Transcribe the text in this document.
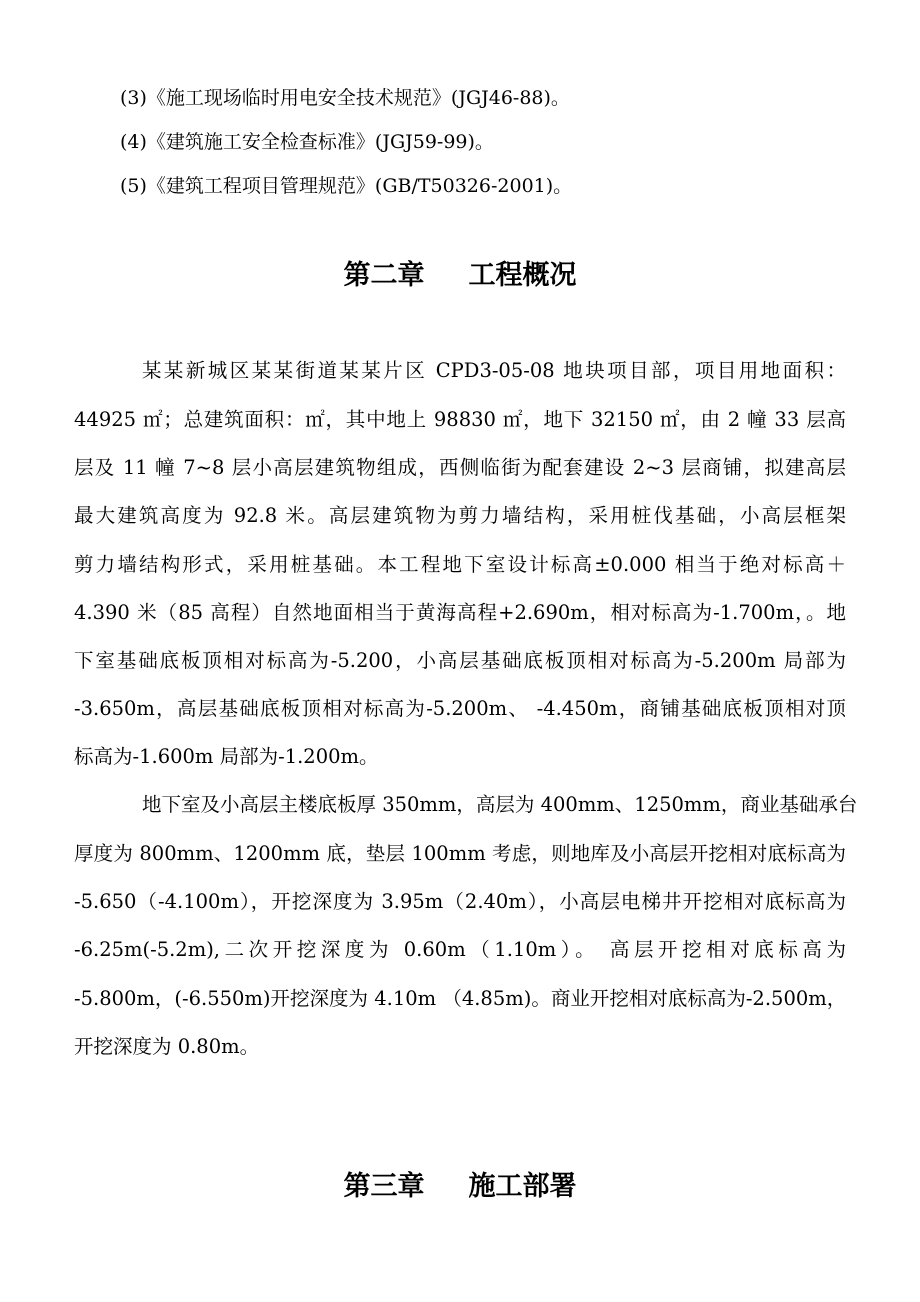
(3)《施工现场临时用电安全技术规范》(JGJ46-88)。
(4)《建筑施工安全检查标准》(JGJ59-99)。
(5)《建筑工程项目管理规范》(GB/T50326-2001)。
第二章 工程概况
某某新城区某某街道某某片区 CPD3-05-08 地块项目部，项目用地面积：
44925 ㎡；总建筑面积：㎡，其中地上 98830 ㎡，地下 32150 ㎡，由 2 幢 33 层高
层及 11 幢 7~8 层小高层建筑物组成，西侧临街为配套建设 2~3 层商铺，拟建高层
最大建筑高度为 92.8 米。高层建筑物为剪力墙结构，采用桩伐基础，小高层框架
剪力墙结构形式，采用桩基础。本工程地下室设计标高±0.000 相当于绝对标高＋
4.390 米（85 高程）自然地面相当于黄海高程+2.690m，相对标高为-1.700m，。地
下室基础底板顶相对标高为-5.200，小高层基础底板顶相对标高为-5.200m 局部为
-3.650m，高层基础底板顶相对标高为-5.200m、 -4.450m，商铺基础底板顶相对顶
标高为-1.600m 局部为-1.200m。
地下室及小高层主楼底板厚 350mm，高层为 400mm、1250mm，商业基础承台
厚度为 800mm、1200mm 底，垫层 100mm 考虑，则地库及小高层开挖相对底标高为
-5.650（-4.100m），开挖深度为 3.95m（2.40m），小高层电梯井开挖相对底标高为
-6.25m(-5.2m),二次开挖深度为 0.60m（1.10m）。 高层开挖相对底标高为
-5.800m，(-6.550m)开挖深度为 4.10m （4.85m)。商业开挖相对底标高为-2.500m，
开挖深度为 0.80m。
第三章 施工部署
